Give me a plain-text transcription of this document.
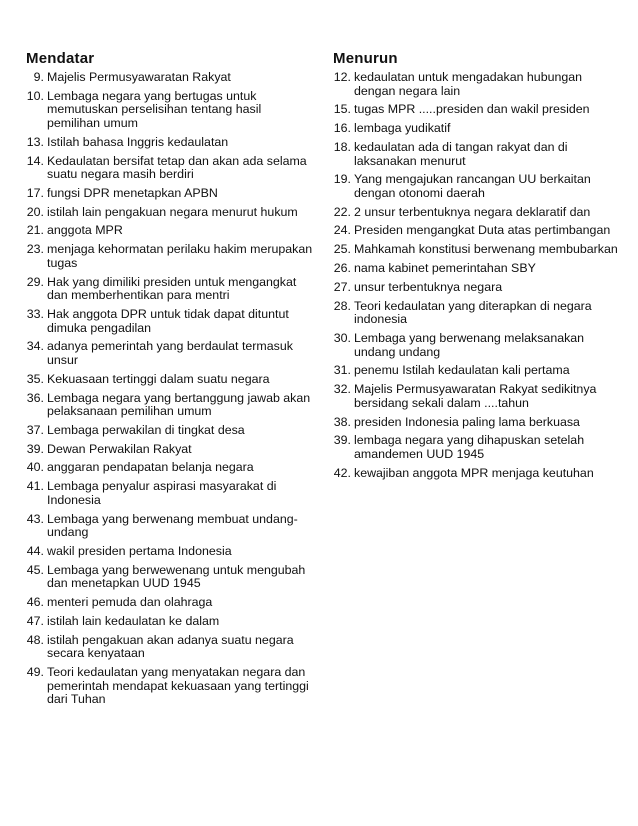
Mendatar
9. Majelis Permusyawaratan Rakyat
10. Lembaga negara yang bertugas untuk memutuskan perselisihan tentang hasil pemilihan umum
13. Istilah bahasa Inggris kedaulatan
14. Kedaulatan bersifat tetap dan akan ada selama suatu negara masih berdiri
17. fungsi DPR menetapkan APBN
20. istilah lain pengakuan negara menurut hukum
21. anggota MPR
23. menjaga kehormatan perilaku hakim merupakan tugas
29. Hak yang dimiliki presiden untuk mengangkat dan memberhentikan para mentri
33. Hak anggota DPR untuk tidak dapat dituntut dimuka pengadilan
34. adanya pemerintah yang berdaulat termasuk unsur
35. Kekuasaan tertinggi dalam suatu negara
36. Lembaga negara yang bertanggung jawab akan pelaksanaan pemilihan umum
37. Lembaga perwakilan di tingkat desa
39. Dewan Perwakilan Rakyat
40. anggaran pendapatan belanja negara
41. Lembaga penyalur aspirasi masyarakat di Indonesia
43. Lembaga yang berwenang membuat undang-undang
44. wakil presiden pertama Indonesia
45. Lembaga yang berwewenang untuk mengubah dan menetapkan UUD 1945
46. menteri pemuda dan olahraga
47. istilah lain kedaulatan ke dalam
48. istilah pengakuan akan adanya suatu negara secara kenyataan
49. Teori kedaulatan yang menyatakan negara dan pemerintah mendapat kekuasaan yang tertinggi dari Tuhan
Menurun
12. kedaulatan untuk mengadakan hubungan dengan negara lain
15. tugas MPR .....presiden dan wakil presiden
16. lembaga yudikatif
18. kedaulatan ada di tangan rakyat dan di laksanakan menurut
19. Yang mengajukan rancangan UU berkaitan dengan otonomi daerah
22. 2 unsur terbentuknya negara deklaratif dan
24. Presiden mengangkat Duta atas pertimbangan
25. Mahkamah konstitusi berwenang membubarkan
26. nama kabinet pemerintahan SBY
27. unsur terbentuknya negara
28. Teori kedaulatan yang diterapkan di negara indonesia
30. Lembaga yang berwenang melaksanakan undang undang
31. penemu Istilah kedaulatan kali pertama
32. Majelis Permusyawaratan Rakyat sedikitnya bersidang sekali dalam ....tahun
38. presiden Indonesia paling lama berkuasa
39. lembaga negara yang dihapuskan setelah amandemen UUD 1945
42. kewajiban anggota MPR menjaga keutuhan
